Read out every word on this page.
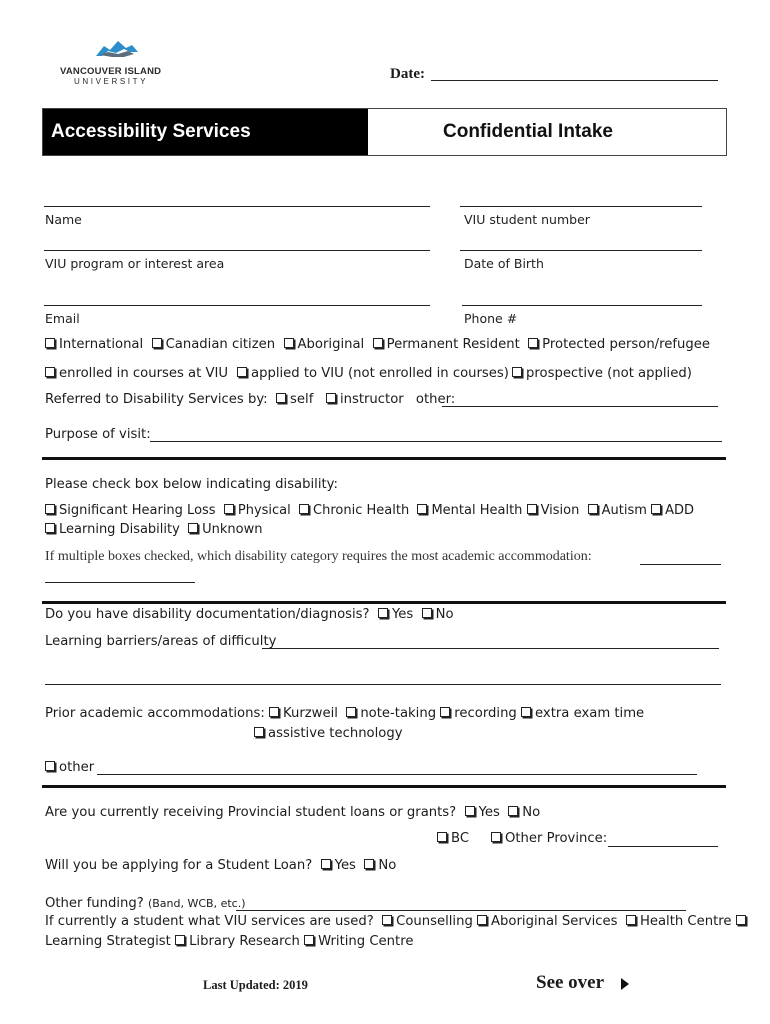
VANCOUVER ISLAND
UNIVERSITY	Date:
Accessibility Services	Confidential Intake
Name	VIU student number
VIU program or interest area	Date of Birth
Email	Phone #
International Canadian citizen Aboriginal Permanent Resident Protected person/refugee
enrolled in courses at VIU	applied to VIU (not enrolled in courses)	prospective (not applied)
Referred to Disability Services by: self instructor other:
Purpose of visit:
Please check box below indicating disability:
Significant Hearing Loss Physical Chronic Health Mental Health Vision Autism ADD
Learning Disability Unknown
If multiple boxes checked, which disability category requires the most academic accommodation:
Do you have disability documentation/diagnosis? Yes No
Learning barriers/areas of difficulty
Prior academic accommodations: Kurzweil note-taking recording extra exam time
assistive technology
other
Are you currently receiving Provincial student loans or grants? Yes No
BC	Other Province:
Will you be applying for a Student Loan? Yes No
Other funding? (Band, WCB, etc.)
If currently a student what VIU services are used? Counselling Aboriginal Services Health Centre
Learning Strategist Library Research Writing Centre
Last Updated: 2019	See over
